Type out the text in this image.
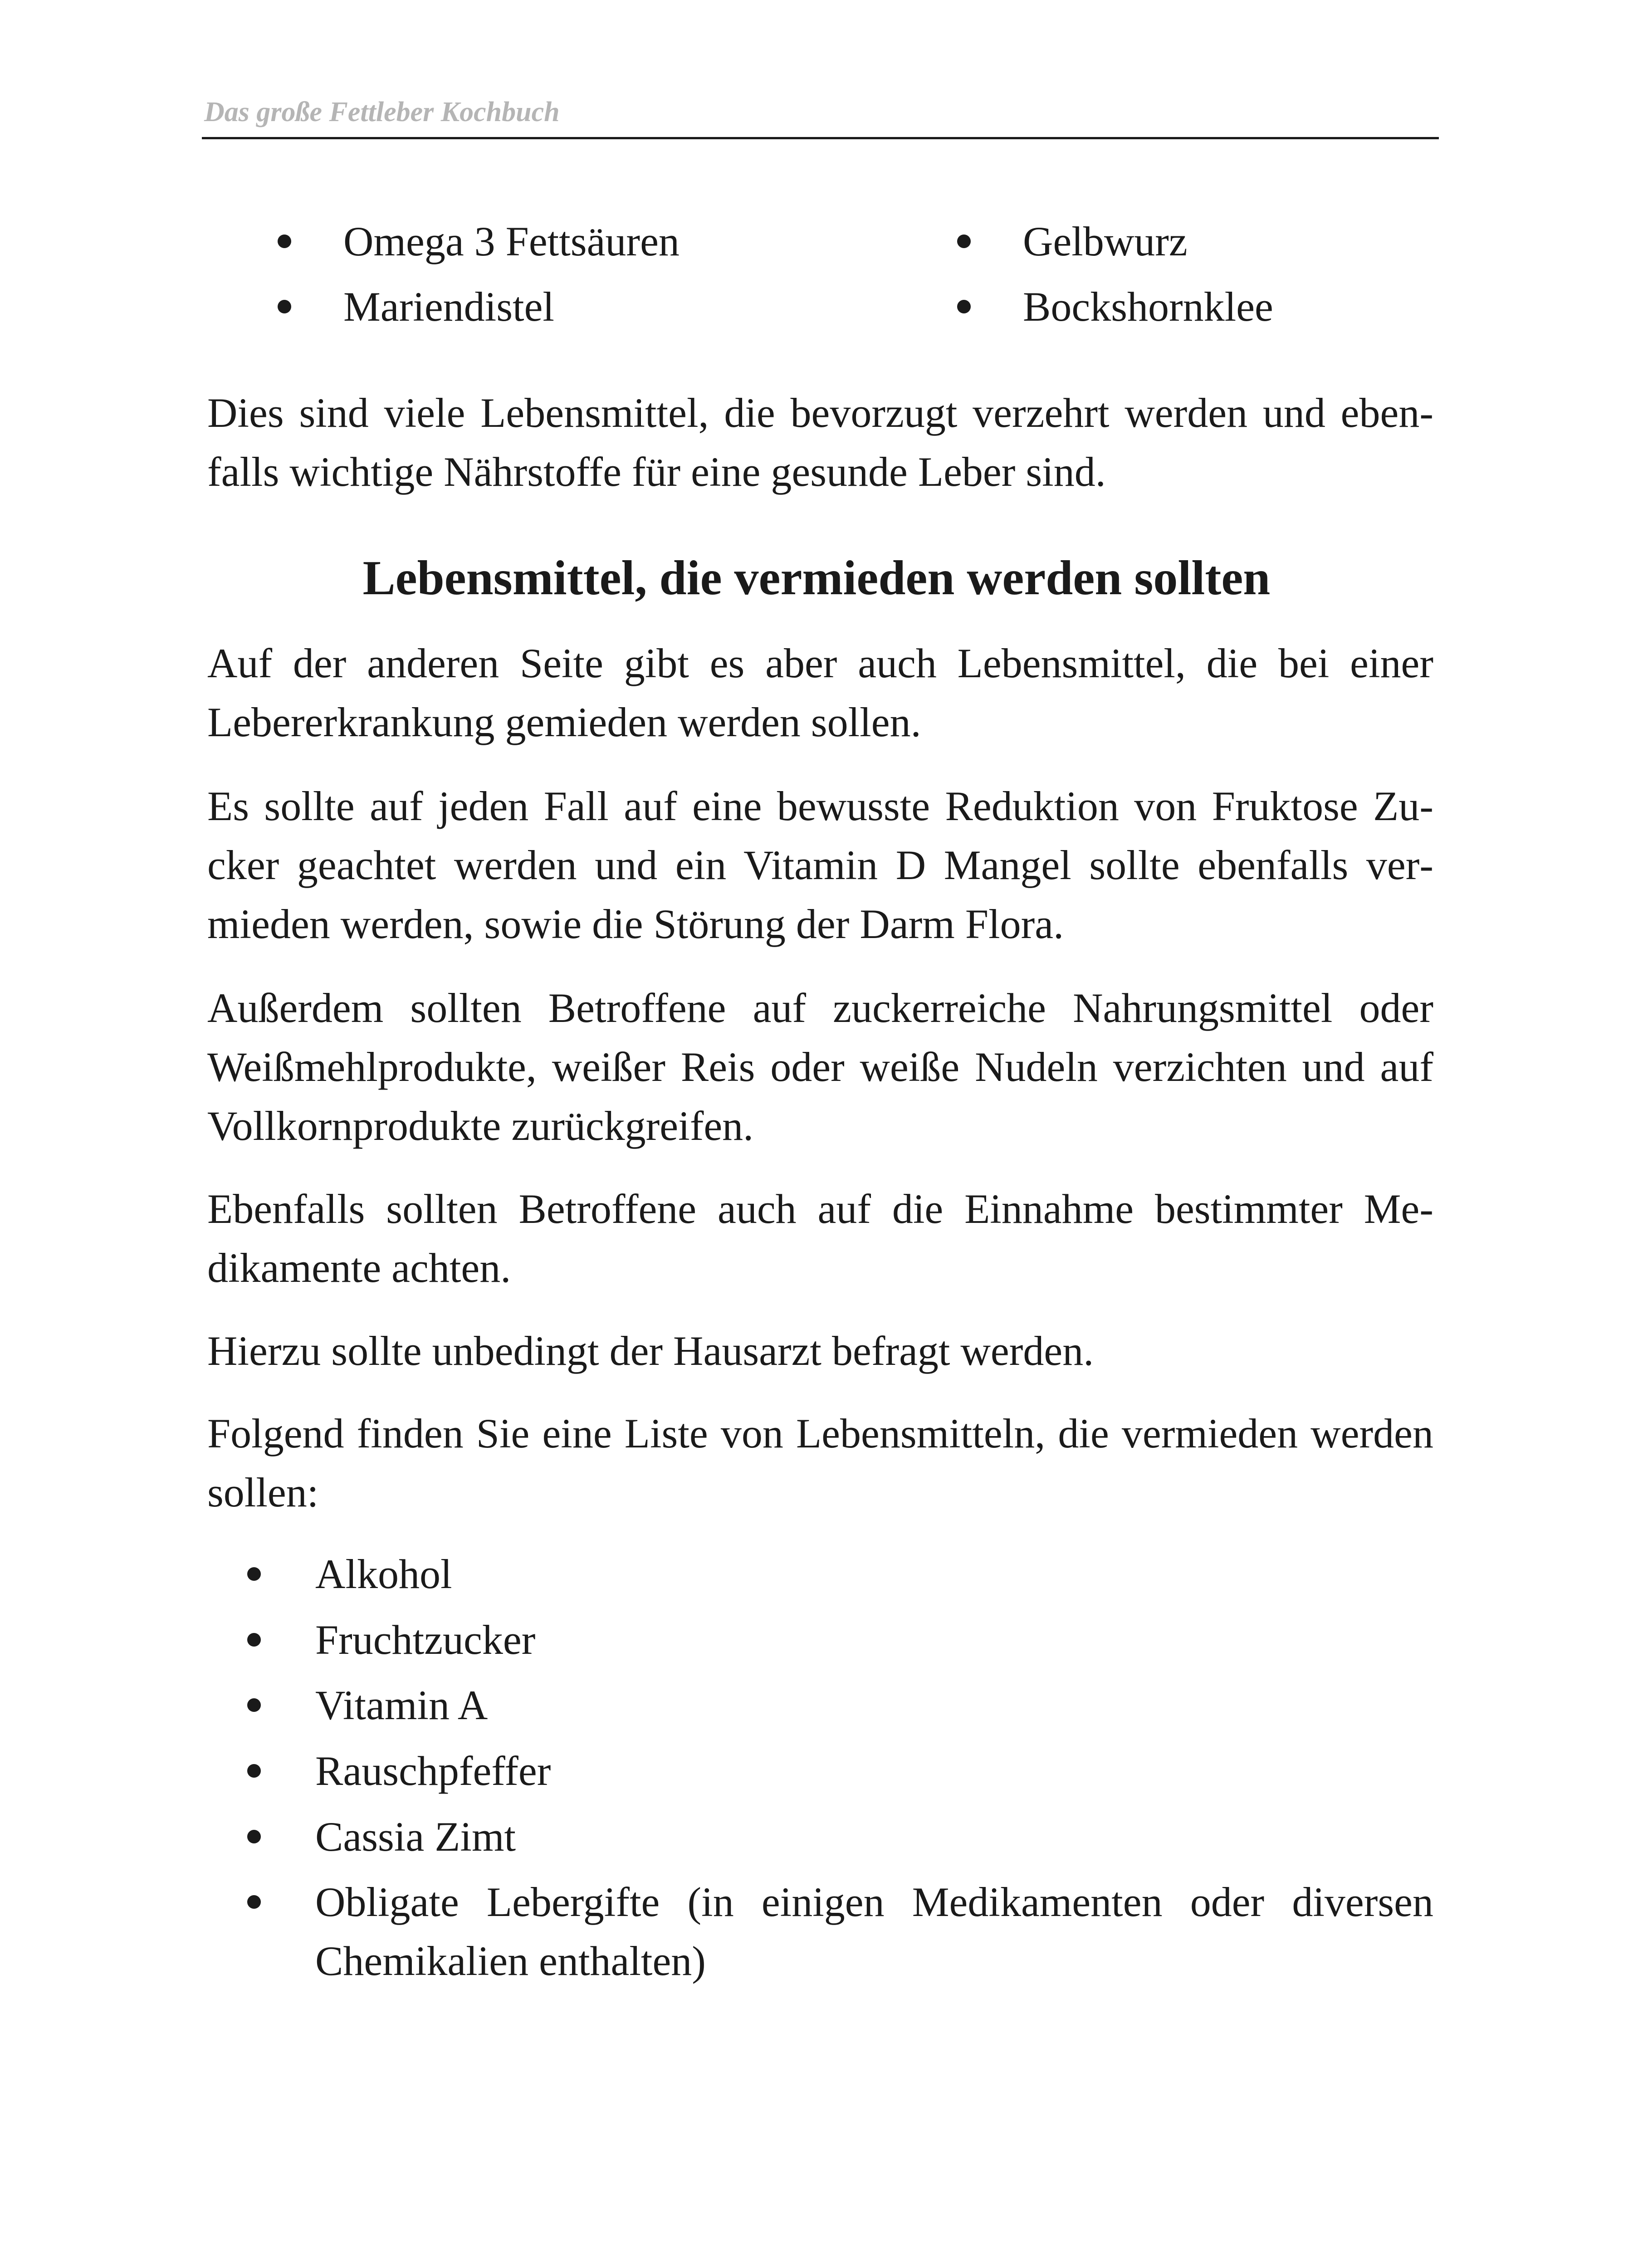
Das große Fettleber Kochbuch
Omega 3 Fettsäuren
Mariendistel
Gelbwurz
Bockshornklee

Dies sind viele Lebensmittel, die bevorzugt verzehrt werden und ebenfalls wichtige Nährstoffe für eine gesunde Leber sind.

Lebensmittel, die vermieden werden sollten

Auf der anderen Seite gibt es aber auch Lebensmittel, die bei einer Lebererkrankung gemieden werden sollen.

Es sollte auf jeden Fall auf eine bewusste Reduktion von Fruktose Zucker geachtet werden und ein Vitamin D Mangel sollte ebenfalls vermieden werden, sowie die Störung der Darm Flora.

Außerdem sollten Betroffene auf zuckerreiche Nahrungsmittel oder Weißmehlprodukte, weißer Reis oder weiße Nudeln verzichten und auf Vollkornprodukte zurückgreifen.

Ebenfalls sollten Betroffene auch auf die Einnahme bestimmter Medikamente achten.

Hierzu sollte unbedingt der Hausarzt befragt werden.

Folgend finden Sie eine Liste von Lebensmitteln, die vermieden werden sollen:

Alkohol
Fruchtzucker
Vitamin A
Rauschpfeffer
Cassia Zimt
Obligate Lebergifte (in einigen Medikamenten oder diversen Chemikalien enthalten)
